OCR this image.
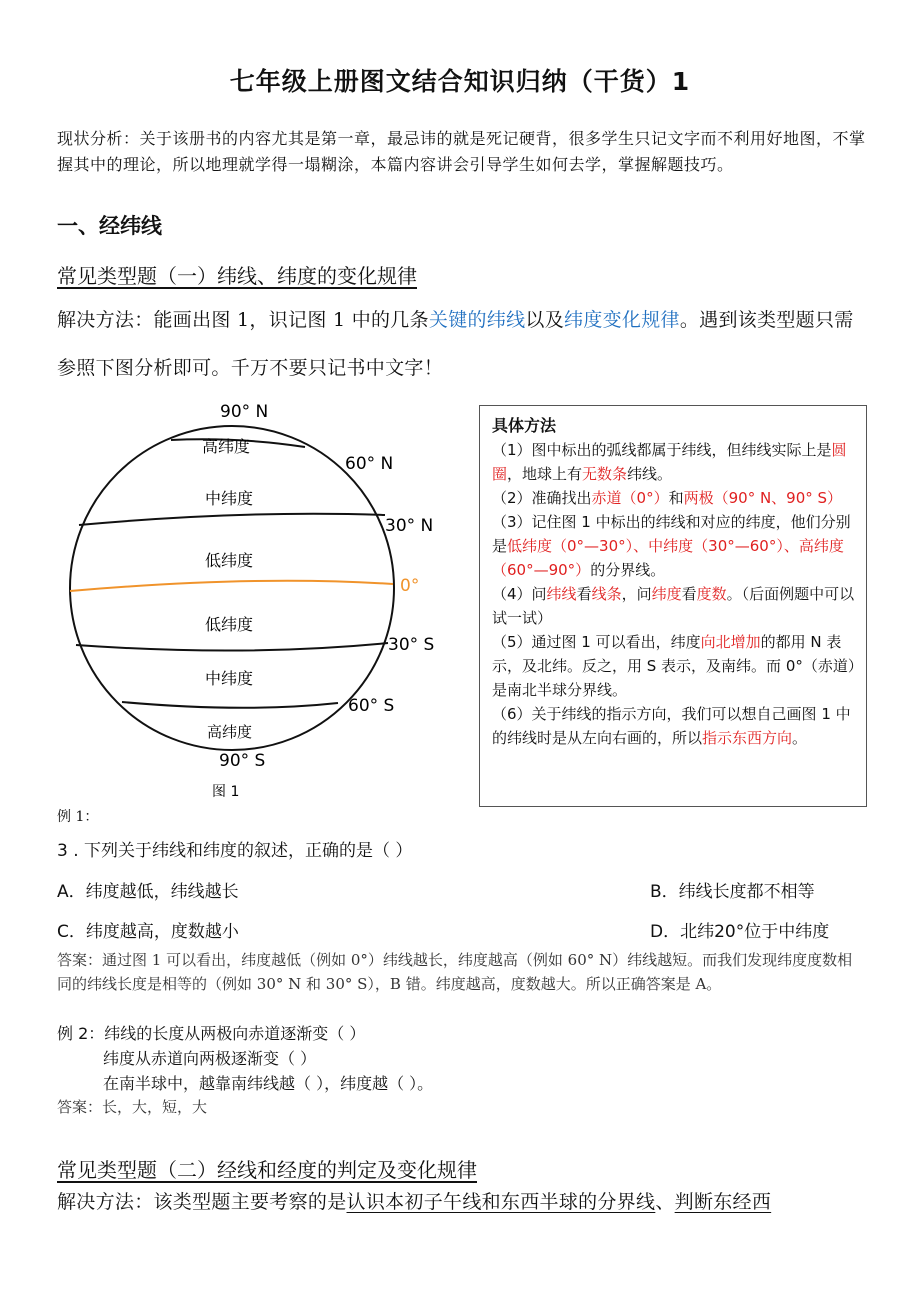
七年级上册图文结合知识归纳（干货）1
现状分析：关于该册书的内容尤其是第一章，最忌讳的就是死记硬背，很多学生只记文字而不利用好地图，不掌握其中的理论，所以地理就学得一塌糊涂，本篇内容讲会引导学生如何去学，掌握解题技巧。
一、经纬线
常见类型题（一）纬线、纬度的变化规律
解决方法：能画出图 1，识记图 1 中的几条关键的纬线以及纬度变化规律。遇到该类型题只需参照下图分析即可。千万不要只记书中文字！
90° N
60° N
30° N
0°
30° S
60° S
90° S
高纬度
中纬度
低纬度
低纬度
中纬度
高纬度
图 1

具体方法

（1）图中标出的弧线都属于纬线，但纬线实际上是圆圈，地球上有无数条纬线。

（2）准确找出赤道（0°）和两极（90° N、90° S）

（3）记住图 1 中标出的纬线和对应的纬度，他们分别是低纬度（0°—30°）、中纬度（30°—60°）、高纬度（60°—90°）的分界线。

（4）问纬线看线条，问纬度看度数。（后面例题中可以试一试）

（5）通过图 1 可以看出，纬度向北增加的都用 N 表示，及北纬。反之，用 S 表示，及南纬。而 0°（赤道）是南北半球分界线。

（6）关于纬线的指示方向，我们可以想自己画图 1 中的纬线时是从左向右画的，所以指示东西方向。

例 1：
3 . 下列关于纬线和纬度的叙述，正确的是（ ）
A．纬度越低，纬线越长	B．纬线长度都不相等
C．纬度越高，度数越小	D．北纬20°位于中纬度
答案：通过图 1 可以看出，纬度越低（例如 0°）纬线越长，纬度越高（例如 60° N）纬线越短。而我们发现纬度度数相同的纬线长度是相等的（例如 30° N 和 30° S），B 错。纬度越高，度数越大。所以正确答案是 A。
例 2：纬线的长度从两极向赤道逐渐变（ ）
纬度从赤道向两极逐渐变（ ）
在南半球中，越靠南纬线越（ ），纬度越（ ）。
答案：长，大，短，大
常见类型题（二）经线和经度的判定及变化规律
解决方法：该类型题主要考察的是认识本初子午线和东西半球的分界线、判断东经西
